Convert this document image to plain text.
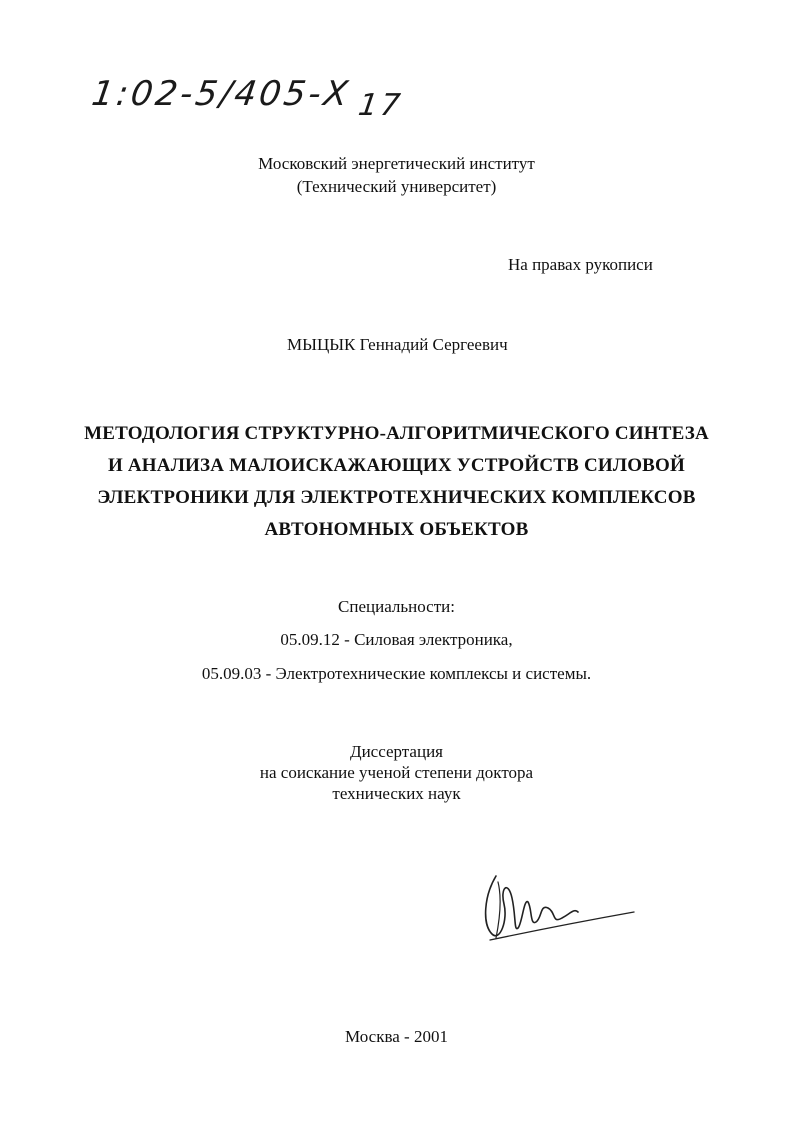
1:02-5/405-Х 17
Московский энергетический институт
(Технический университет)
На правах рукописи
МЫЦЫК Геннадий Сергеевич
МЕТОДОЛОГИЯ СТРУКТУРНО-АЛГОРИТМИЧЕСКОГО СИНТЕЗА
И АНАЛИЗА МАЛОИСКАЖАЮЩИХ УСТРОЙСТВ СИЛОВОЙ
ЭЛЕКТРОНИКИ ДЛЯ ЭЛЕКТРОТЕХНИЧЕСКИХ КОМПЛЕКСОВ
АВТОНОМНЫХ ОБЪЕКТОВ
Специальности:
05.09.12 - Силовая электроника,
05.09.03 - Электротехнические комплексы и системы.
Диссертация
на соискание ученой степени доктора
технических наук
Москва - 2001
